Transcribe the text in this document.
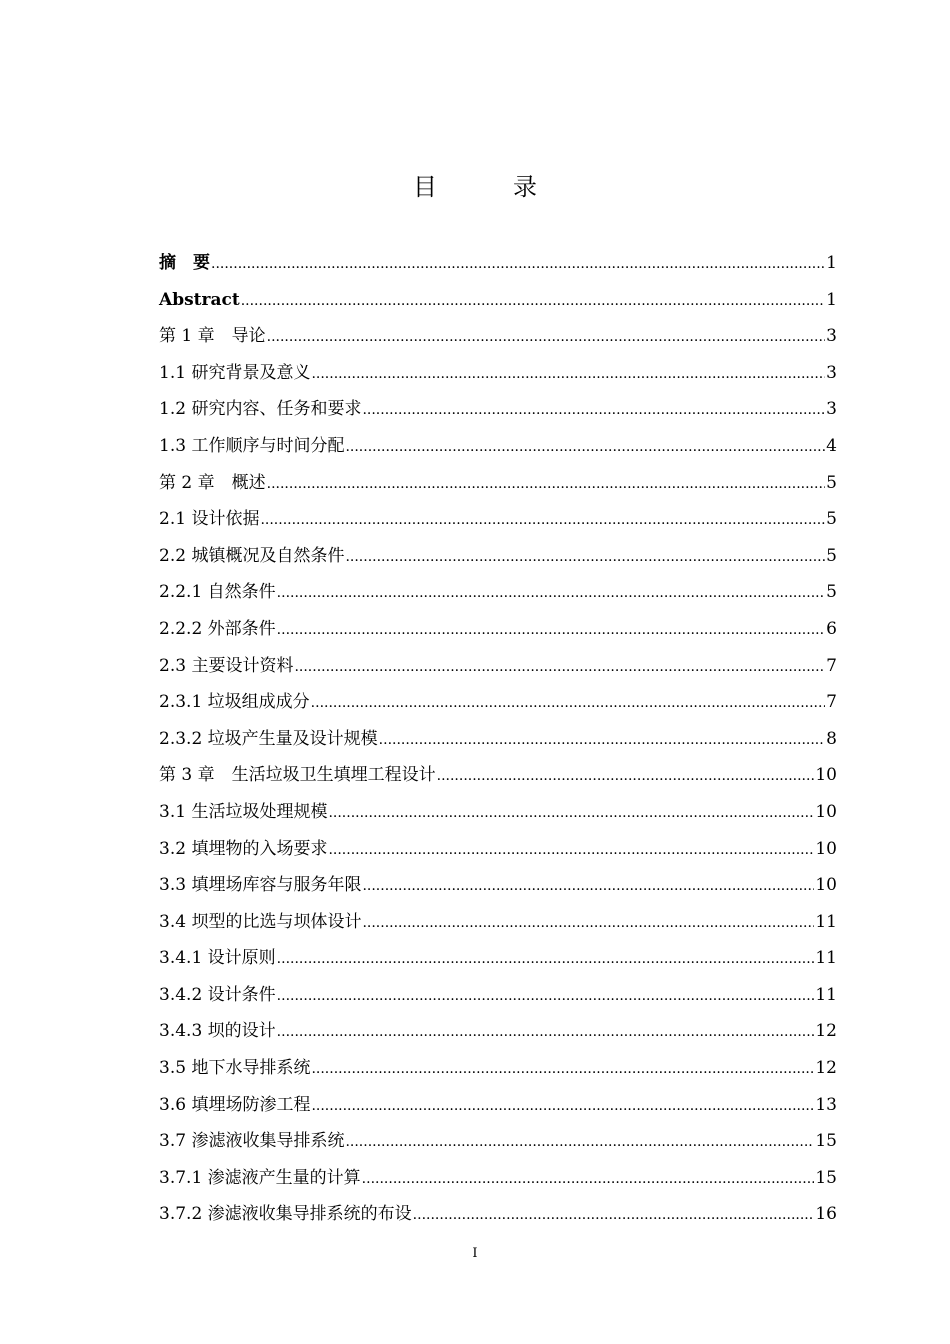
目　录
摘　要 .....	1
Abstract .....	1
第 1 章　导论 .....	3
1.1 研究背景及意义 .....	3
1.2 研究内容、任务和要求 .....	3
1.3 工作顺序与时间分配 .....	4
第 2 章　概述 .....	5
2.1 设计依据 .....	5
2.2 城镇概况及自然条件 .....	5
2.2.1 自然条件 .....	5
2.2.2 外部条件 .....	6
2.3 主要设计资料 .....	7
2.3.1 垃圾组成成分 .....	7
2.3.2 垃圾产生量及设计规模 .....	8
第 3 章　生活垃圾卫生填埋工程设计 .....	10
3.1 生活垃圾处理规模 .....	10
3.2 填埋物的入场要求 .....	10
3.3 填埋场库容与服务年限 .....	10
3.4 坝型的比选与坝体设计 .....	11
3.4.1 设计原则 .....	11
3.4.2 设计条件 .....	11
3.4.3 坝的设计 .....	12
3.5 地下水导排系统 .....	12
3.6 填埋场防渗工程 .....	13
3.7 渗滤液收集导排系统 .....	15
3.7.1 渗滤液产生量的计算 .....	15
3.7.2 渗滤液收集导排系统的布设 .....	16
I
